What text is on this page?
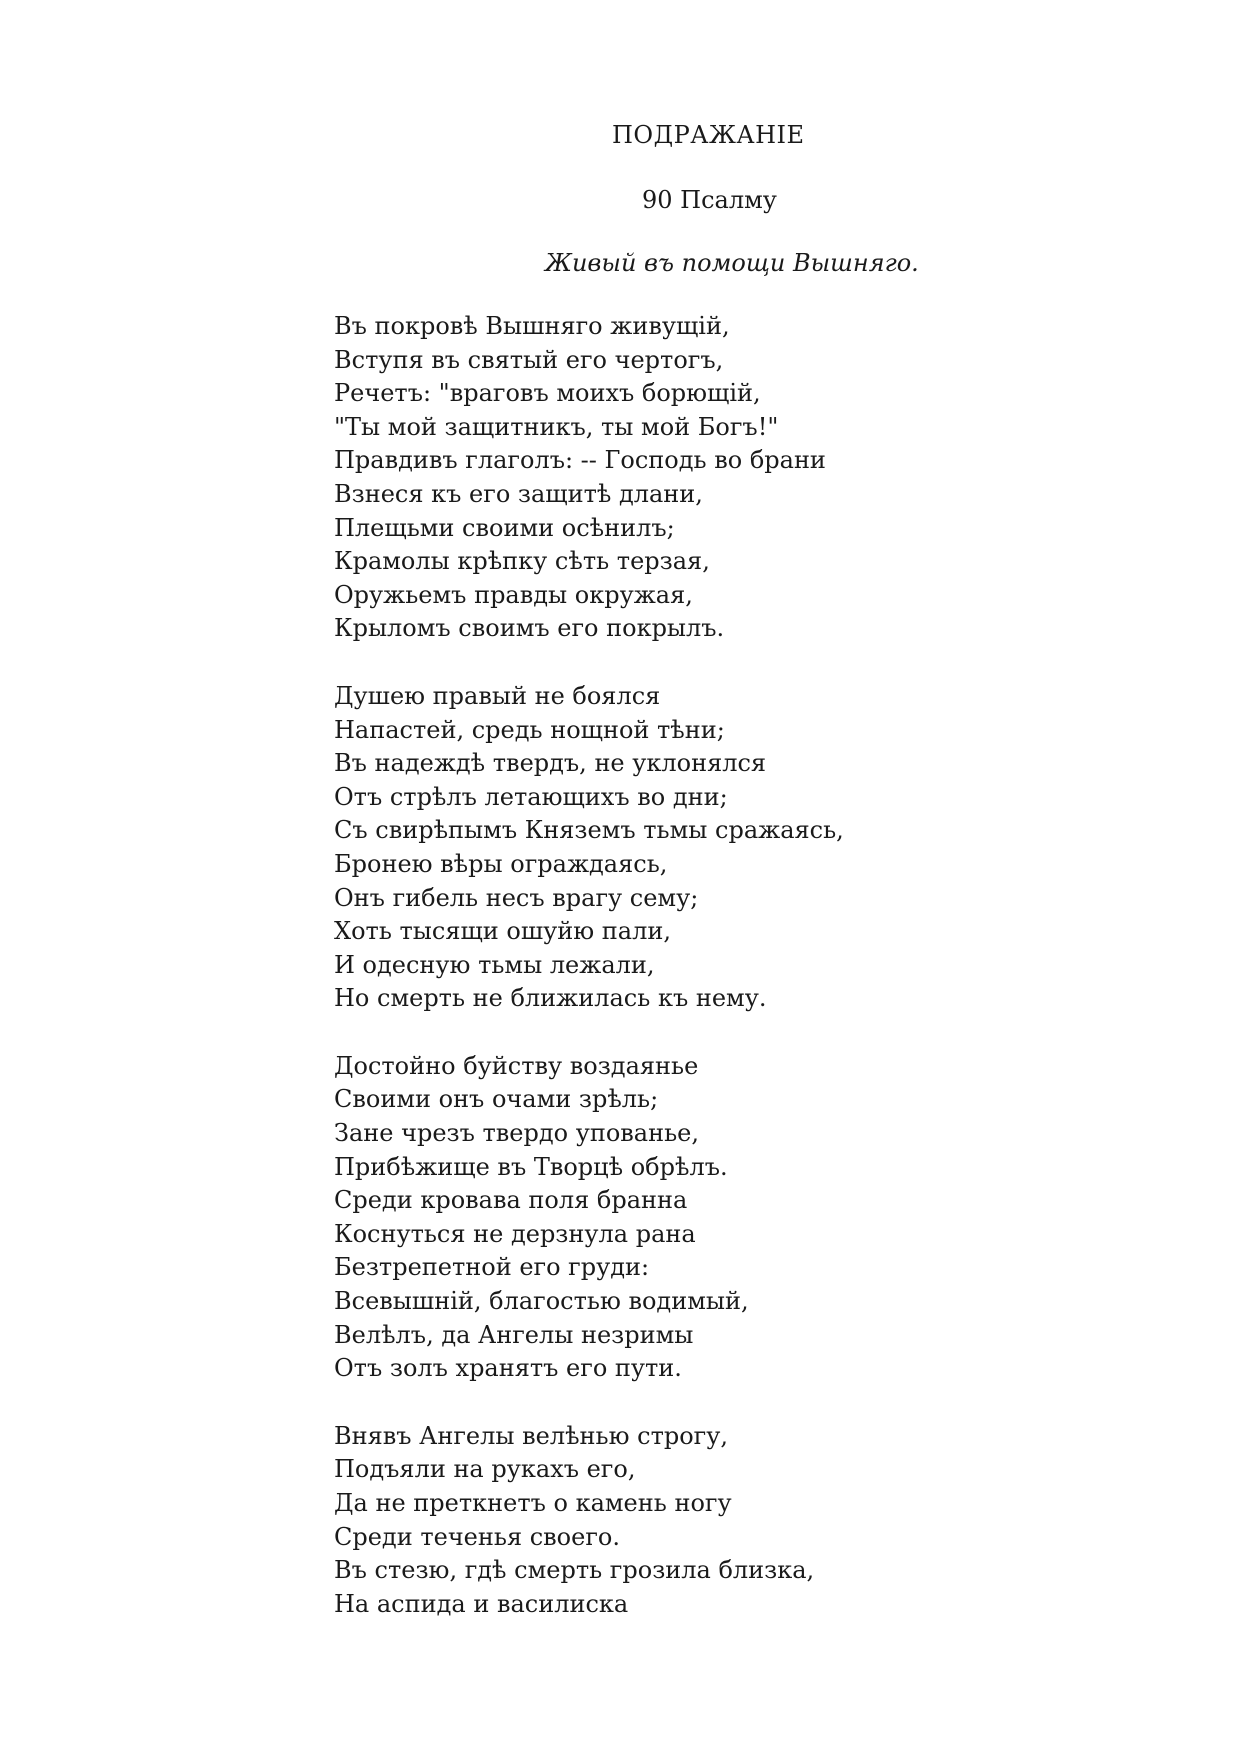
ПОДРАЖАНІЕ
90 Псалму
Живый въ помощи Вышняго.
Въ покровѣ Вышняго живущій,
Вступя въ святый его чертогъ,
Речетъ: "враговъ моихъ борющій,
"Ты мой защитникъ, ты мой Богъ!"
Правдивъ глаголъ: -- Господь во брани
Взнеся къ его защитѣ длани,
Плещьми своими осѣнилъ;
Крамолы крѣпку сѣть терзая,
Оружьемъ правды окружая,
Крыломъ своимъ его покрылъ.
Душею правый не боялся
Напастей, средь нощной тѣни;
Въ надеждѣ твердъ, не уклонялся
Отъ стрѣлъ летающихъ во дни;
Съ свирѣпымъ Княземъ тьмы сражаясь,
Бронею вѣры ограждаясь,
Онъ гибель несъ врагу сему;
Хоть тысящи ошуйю пали,
И одесную тьмы лежали,
Но смерть не ближилась къ нему.
Достойно буйству воздаянье
Своими онъ очами зрѣль;
Зане чрезъ твердо упованье,
Прибѣжище въ Творцѣ обрѣлъ.
Среди кровава поля бранна
Коснуться не дерзнула рана
Безтрепетной его груди:
Всевышній, благостью водимый,
Велѣлъ, да Ангелы незримы
Отъ золъ хранятъ его пути.
Внявъ Ангелы велѣнью строгу,
Подъяли на рукахъ его,
Да не преткнетъ о камень ногу
Среди теченья своего.
Въ стезю, гдѣ смерть грозила близка,
На аспида и василиска
